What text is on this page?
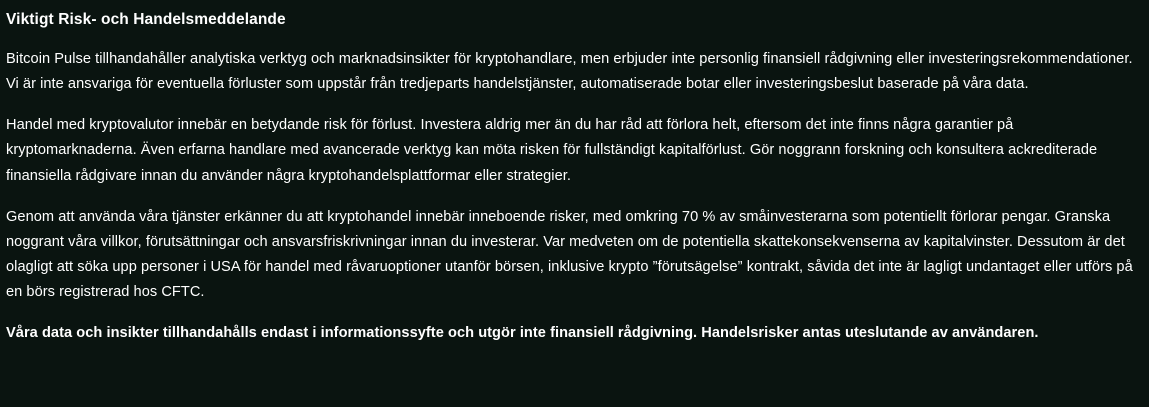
Viktigt Risk- och Handelsmeddelande

Bitcoin Pulse tillhandahåller analytiska verktyg och marknadsinsikter för kryptohandlare, men erbjuder inte personlig finansiell rådgivning eller investeringsrekommendationer. Vi är inte ansvariga för eventuella förluster som uppstår från tredjeparts handelstjänster, automatiserade botar eller investeringsbeslut baserade på våra data.

Handel med kryptovalutor innebär en betydande risk för förlust. Investera aldrig mer än du har råd att förlora helt, eftersom det inte finns några garantier på kryptomarknaderna. Även erfarna handlare med avancerade verktyg kan möta risken för fullständigt kapitalförlust. Gör noggrann forskning och konsultera ackrediterade finansiella rådgivare innan du använder några kryptohandelsplattformar eller strategier.

Genom att använda våra tjänster erkänner du att kryptohandel innebär inneboende risker, med omkring 70 % av småinvesterarna som potentiellt förlorar pengar. Granska noggrant våra villkor, förutsättningar och ansvarsfriskrivningar innan du investerar. Var medveten om de potentiella skattekonsekvenserna av kapitalvinster. Dessutom är det olagligt att söka upp personer i USA för handel med råvaruoptioner utanför börsen, inklusive krypto ”förutsägelse” kontrakt, såvida det inte är lagligt undantaget eller utförs på en börs registrerad hos CFTC.

Våra data och insikter tillhandahålls endast i informationssyfte och utgör inte finansiell rådgivning. Handelsrisker antas uteslutande av användaren.
